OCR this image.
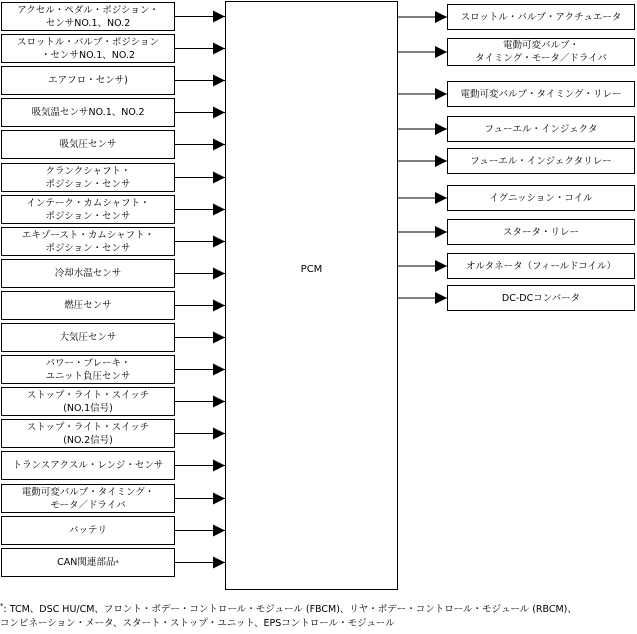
アクセル・ペダル・ポジション・
センサNO.1、NO.2
スロットル・バルブ・ポジション
・センサNO.1、NO.2
エアフロ・センサ)
吸気温センサNO.1、NO.2
吸気圧センサ
クランクシャフト・
ポジション・センサ
インテーク・カムシャフト・
ポジション・センサ
エキゾースト・カムシャフト・
ポジション・センサ
冷却水温センサ
燃圧センサ
大気圧センサ
パワー・ブレーキ・
ユニット負圧センサ
ストップ・ライト・スイッチ
(NO.1信号)
ストップ・ライト・スイッチ
(NO.2信号)
トランスアクスル・レンジ・センサ
電動可変バルブ・タイミング・
モータ／ドライバ
バッテリ
CAN関連部品 *
PCM
スロットル・バルブ・アクチュエータ
電動可変バルブ・
タイミング・モータ／ドライバ
電動可変バルブ・タイミング・リレー
フューエル・インジェクタ
フューエル・インジェクタリレー
イグニッション・コイル
スタータ・リレー
オルタネータ（フィールドコイル）
DC-DCコンバータ
*: TCM、DSC HU/CM、フロント・ボデー・コントロール・モジュール (FBCM)、リヤ・ボデー・コントロール・モジュール (RBCM)、
コンビネーション・メータ、スタート・ストップ・ユニット、EPSコントロール・モジュール
